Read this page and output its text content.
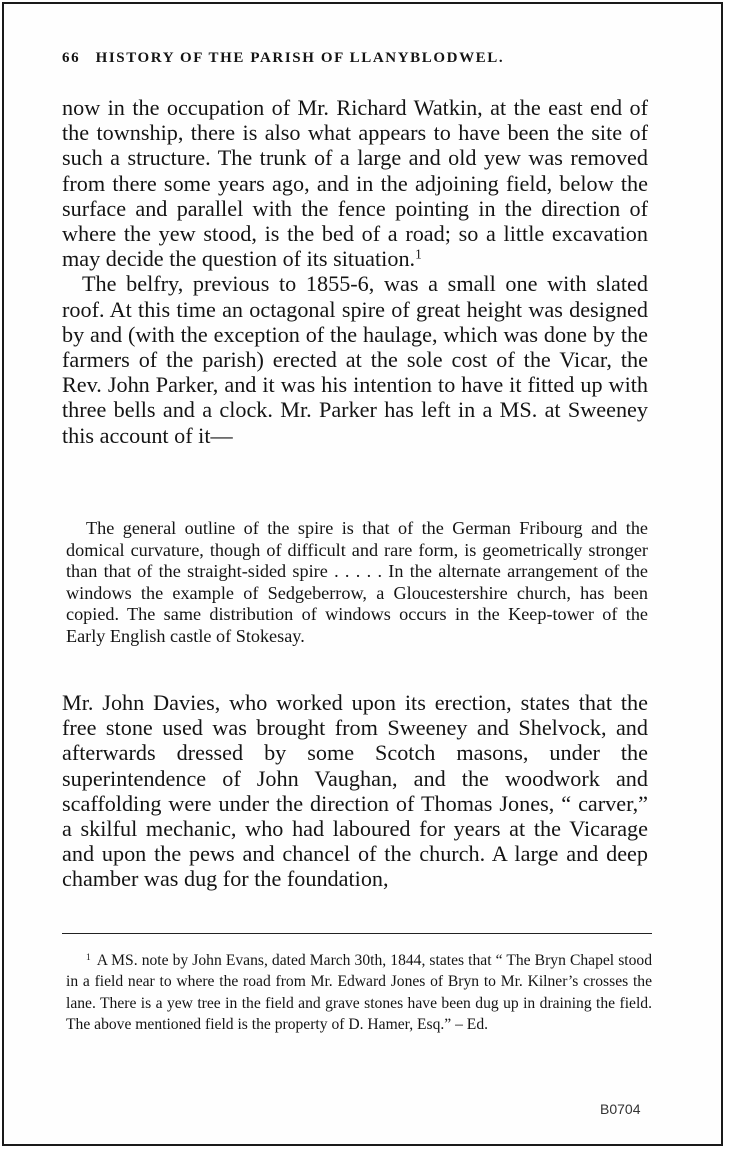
66 HISTORY OF THE PARISH OF LLANYBLODWEL.

now in the occupation of Mr. Richard Watkin, at the east end of the township, there is also what appears to have been the site of such a structure. The trunk of a large and old yew was removed from there some years ago, and in the adjoining field, below the surface and parallel with the fence pointing in the direction of where the yew stood, is the bed of a road; so a little excavation may decide the question of its situation.$^1$

The belfry, previous to 1855-6, was a small one with slated roof. At this time an octagonal spire of great height was designed by and (with the exception of the haulage, which was done by the farmers of the parish) erected at the sole cost of the Vicar, the Rev. John Parker, and it was his intention to have it fitted up with three bells and a clock. Mr. Parker has left in a MS. at Sweeney this account of it—

The general outline of the spire is that of the German Fribourg and the domical curvature, though of difficult and rare form, is geometrically stronger than that of the straight-sided spire . . . . . In the alternate arrangement of the windows the example of Sedgeberrow, a Gloucestershire church, has been copied. The same distribution of windows occurs in the Keep-tower of the Early English castle of Stokesay.

Mr. John Davies, who worked upon its erection, states that the free stone used was brought from Sweeney and Shelvock, and afterwards dressed by some Scotch masons, under the superintendence of John Vaughan, and the woodwork and scaffolding were under the direction of Thomas Jones, “ carver,” a skilful mechanic, who had laboured for years at the Vicarage and upon the pews and chancel of the church. A large and deep chamber was dug for the foundation,

$^1$ A MS. note by John Evans, dated March 30th, 1844, states that “ The Bryn Chapel stood in a field near to where the road from Mr. Edward Jones of Bryn to Mr. Kilner’s crosses the lane. There is a yew tree in the field and grave stones have been dug up in draining the field. The above mentioned field is the property of D. Hamer, Esq.” – Ed.

B0704
